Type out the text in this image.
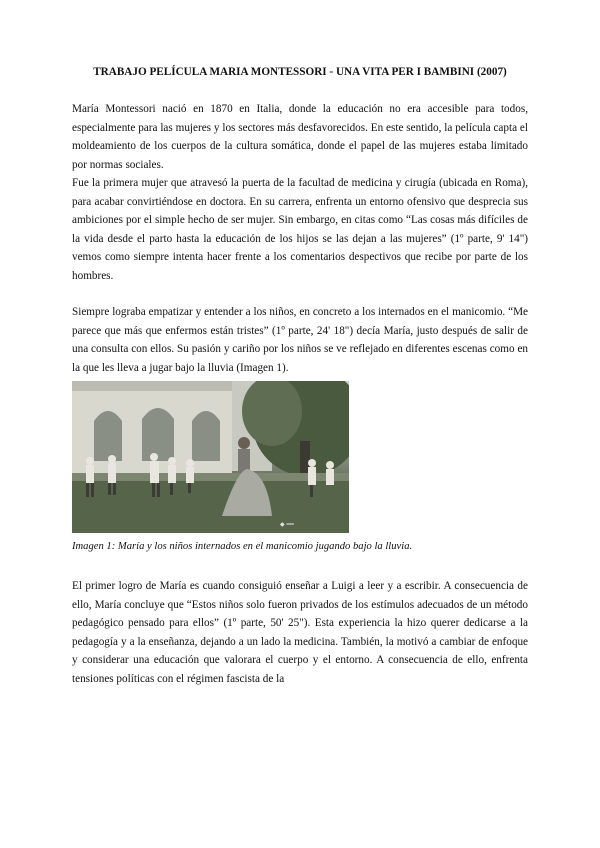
TRABAJO PELÍCULA MARIA MONTESSORI - UNA VITA PER I BAMBINI (2007)

María Montessori nació en 1870 en Italia, donde la educación no era accesible para todos, especialmente para las mujeres y los sectores más desfavorecidos. En este sentido, la película capta el moldeamiento de los cuerpos de la cultura somática, donde el papel de las mujeres estaba limitado por normas sociales.

Fue la primera mujer que atravesó la puerta de la facultad de medicina y cirugía (ubicada en Roma), para acabar convirtiéndose en doctora. En su carrera, enfrenta un entorno ofensivo que desprecia sus ambiciones por el simple hecho de ser mujer. Sin embargo, en citas como “Las cosas más difíciles de la vida desde el parto hasta la educación de los hijos se las dejan a las mujeres” (1º parte, 9' 14") vemos como siempre intenta hacer frente a los comentarios despectivos que recibe por parte de los hombres.

Siempre lograba empatizar y entender a los niños, en concreto a los internados en el manicomio. “Me parece que más que enfermos están tristes” (1º parte, 24' 18") decía María, justo después de salir de una consulta con ellos. Su pasión y cariño por los niños se ve reflejado en diferentes escenas como en la que les lleva a jugar bajo la lluvia (Imagen 1).

◆ ══

Imagen 1: María y los niños internados en el manicomio jugando bajo la lluvia.

El primer logro de María es cuando consiguió enseñar a Luigi a leer y a escribir. A consecuencia de ello, María concluye que “Estos niños solo fueron privados de los estímulos adecuados de un método pedagógico pensado para ellos” (1º parte, 50' 25"). Esta experiencia la hizo querer dedicarse a la pedagogía y a la enseñanza, dejando a un lado la medicina. También, la motivó a cambiar de enfoque y considerar una educación que valorara el cuerpo y el entorno. A consecuencia de ello, enfrenta tensiones políticas con el régimen fascista de la
